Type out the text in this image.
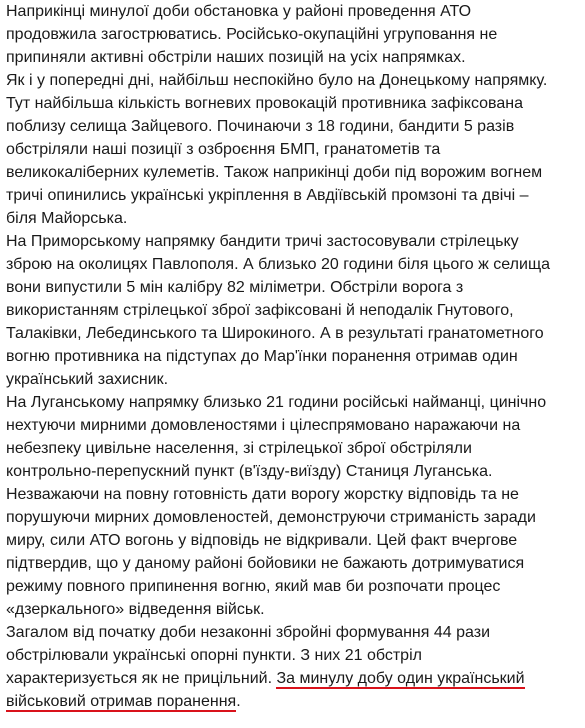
Наприкінці минулої доби обстановка у районі проведення АТО
продовжила загострюватись. Російсько-окупаційні угруповання не
припиняли активні обстріли наших позицій на усіх напрямках.
Як і у попередні дні, найбільш неспокійно було на Донецькому напрямку.
Тут найбільша кількість вогневих провокацій противника зафіксована
поблизу селища Зайцевого. Починаючи з 18 години, бандити 5 разів
обстріляли наші позиції з озброєння БМП, гранатометів та
великокаліберних кулеметів. Також наприкінці доби під ворожим вогнем
тричі опинились українські укріплення в Авдіївській промзоні та двічі –
біля Майорська.
На Приморському напрямку бандити тричі застосовували стрілецьку
зброю на околицях Павлополя. А близько 20 години біля цього ж селища
вони випустили 5 мін калібру 82 міліметри. Обстріли ворога з
використанням стрілецької зброї зафіксовані й неподалік Гнутового,
Талаківки, Лебединського та Широкиного. А в результаті гранатометного
вогню противника на підступах до Мар'їнки поранення отримав один
український захисник.
На Луганському напрямку близько 21 години російські найманці, цинічно
нехтуючи мирними домовленостями і цілеспрямовано наражаючи на
небезпеку цивільне населення, зі стрілецької зброї обстріляли
контрольно-перепускний пункт (в'їзду-виїзду) Станиця Луганська.
Незважаючи на повну готовність дати ворогу жорстку відповідь та не
порушуючи мирних домовленостей, демонструючи стриманість заради
миру, сили АТО вогонь у відповідь не відкривали. Цей факт вчергове
підтвердив, що у даному районі бойовики не бажають дотримуватися
режиму повного припинення вогню, який мав би розпочати процес
«дзеркального» відведення військ.
Загалом від початку доби незаконні збройні формування 44 рази
обстрілювали українські опорні пункти. З них 21 обстріл
характеризується як не прицільний. За минулу добу один український
військовий отримав поранення.
